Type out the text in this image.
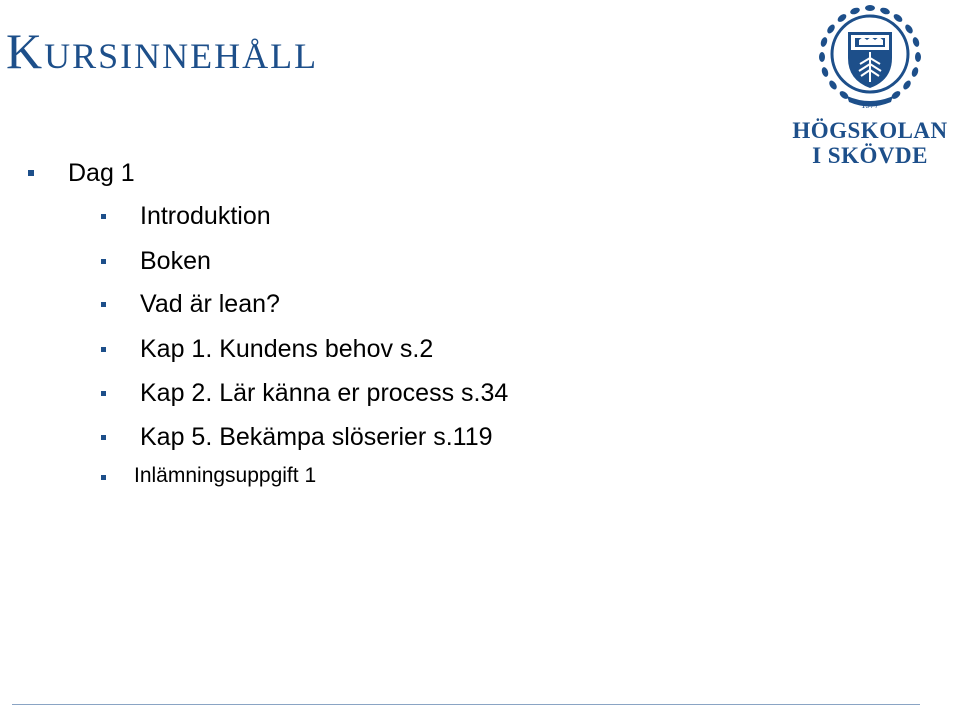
KURSINNEHÅLL
1977
HÖGSKOLAN
I SKÖVDE
Dag 1
Introduktion
Boken
Vad är lean?
Kap 1. Kundens behov s.2
Kap 2. Lär känna er process s.34
Kap 5. Bekämpa slöserier s.119
Inlämningsuppgift 1
